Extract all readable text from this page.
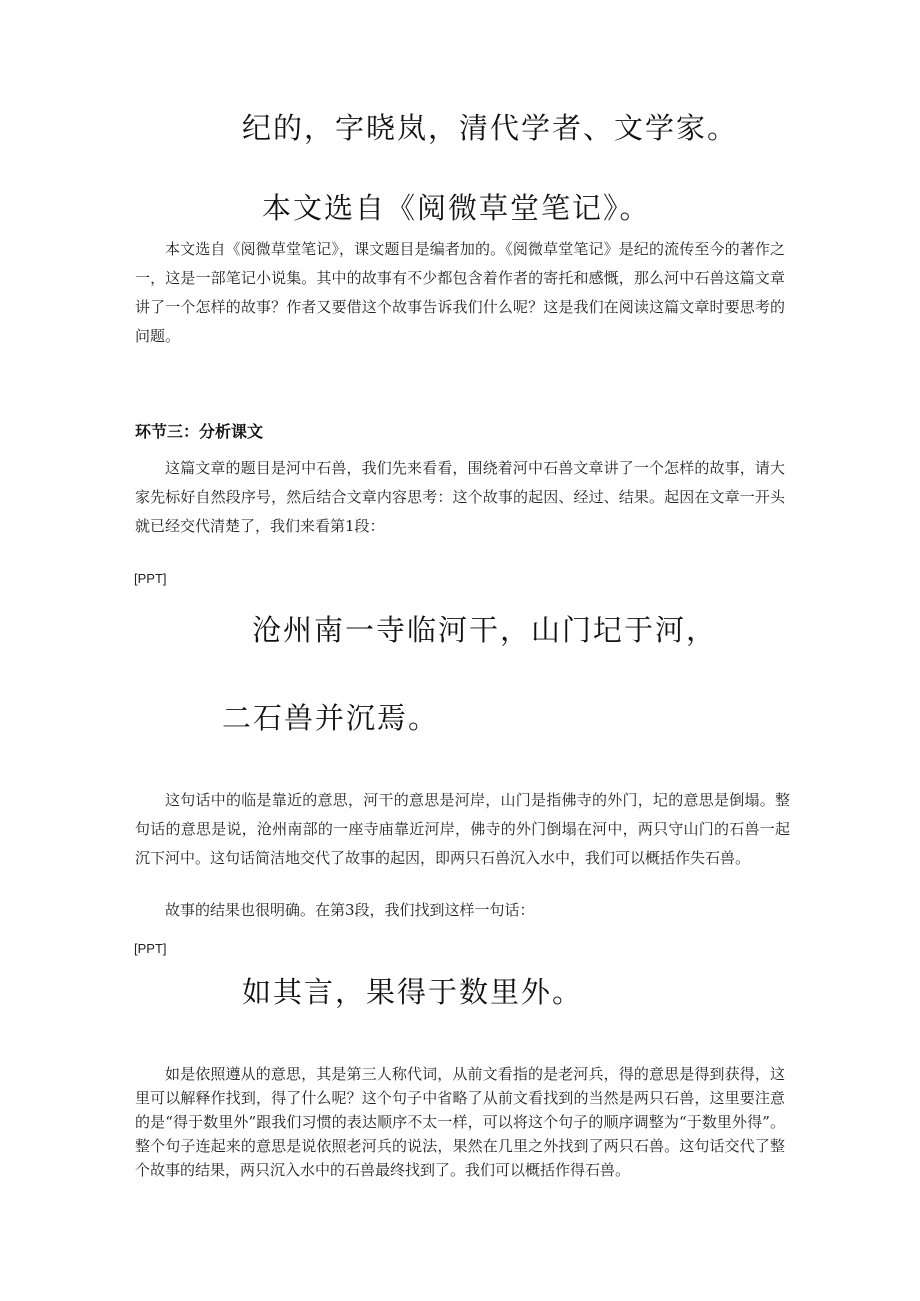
纪的，字晓岚，清代学者、文学家。

本文选自《阅微草堂笔记》。

本文选自《阅微草堂笔记》，课文题目是编者加的。《阅微草堂笔记》是纪的流传至今的著作之一，这是一部笔记小说集。其中的故事有不少都包含着作者的寄托和感慨，那么河中石兽这篇文章讲了一个怎样的故事？作者又要借这个故事告诉我们什么呢？这是我们在阅读这篇文章时要思考的问题。

环节三：分析课文

这篇文章的题目是河中石兽，我们先来看看，围绕着河中石兽文章讲了一个怎样的故事，请大家先标好自然段序号，然后结合文章内容思考：这个故事的起因、经过、结果。起因在文章一开头就已经交代清楚了，我们来看第1段：

[PPT]

沧州南一寺临河干，山门圮于河，

二石兽并沉焉。

这句话中的临是靠近的意思，河干的意思是河岸，山门是指佛寺的外门，圮的意思是倒塌。整句话的意思是说，沧州南部的一座寺庙靠近河岸，佛寺的外门倒塌在河中，两只守山门的石兽一起沉下河中。这句话简洁地交代了故事的起因，即两只石兽沉入水中，我们可以概括作失石兽。

故事的结果也很明确。在第3段，我们找到这样一句话：

[PPT]

如其言，果得于数里外。

如是依照遵从的意思，其是第三人称代词，从前文看指的是老河兵，得的意思是得到获得，这里可以解释作找到，得了什么呢？这个句子中省略了从前文看找到的当然是两只石兽，这里要注意的是“得于数里外”跟我们习惯的表达顺序不太一样，可以将这个句子的顺序调整为“于数里外得”。整个句子连起来的意思是说依照老河兵的说法，果然在几里之外找到了两只石兽。这句话交代了整个故事的结果，两只沉入水中的石兽最终找到了。我们可以概括作得石兽。
